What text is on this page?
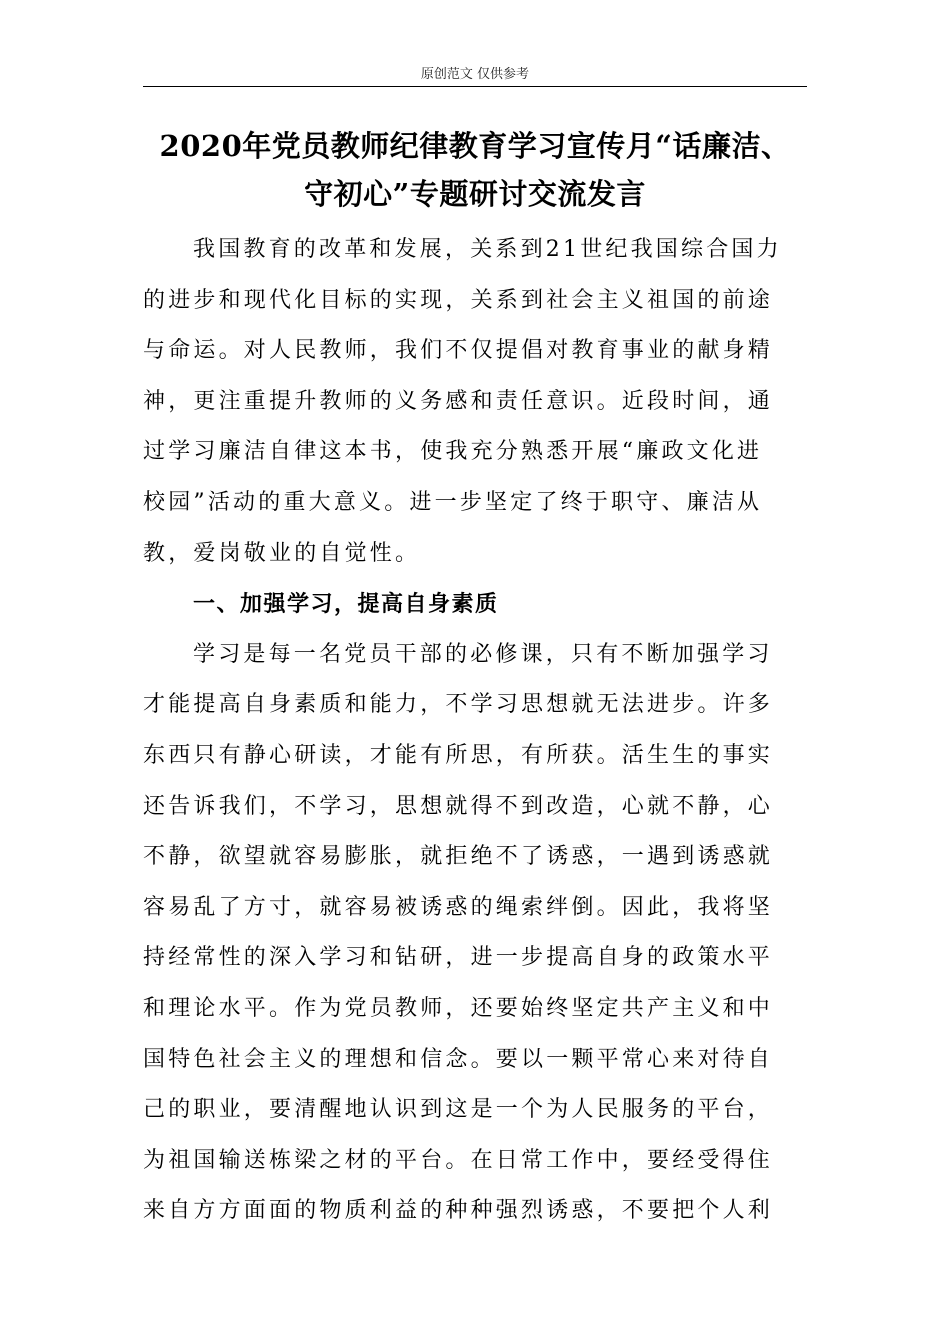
原创范文 仅供参考
2020年党员教师纪律教育学习宣传月“话廉洁、
守初心”专题研讨交流发言
我国教育的改革和发展，关系到21世纪我国综合国力
的进步和现代化目标的实现，关系到社会主义祖国的前途
与命运。对人民教师，我们不仅提倡对教育事业的献身精
神，更注重提升教师的义务感和责任意识。近段时间，通
过学习廉洁自律这本书，使我充分熟悉开展“廉政文化进
校园”活动的重大意义。进一步坚定了终于职守、廉洁从
教，爱岗敬业的自觉性。
一、加强学习，提高自身素质
学习是每一名党员干部的必修课，只有不断加强学习
才能提高自身素质和能力，不学习思想就无法进步。许多
东西只有静心研读，才能有所思，有所获。活生生的事实
还告诉我们，不学习，思想就得不到改造，心就不静，心
不静，欲望就容易膨胀，就拒绝不了诱惑，一遇到诱惑就
容易乱了方寸，就容易被诱惑的绳索绊倒。因此，我将坚
持经常性的深入学习和钻研，进一步提高自身的政策水平
和理论水平。作为党员教师，还要始终坚定共产主义和中
国特色社会主义的理想和信念。要以一颗平常心来对待自
己的职业，要清醒地认识到这是一个为人民服务的平台，
为祖国输送栋梁之材的平台。在日常工作中，要经受得住
来自方方面面的物质利益的种种强烈诱惑，不要把个人利
